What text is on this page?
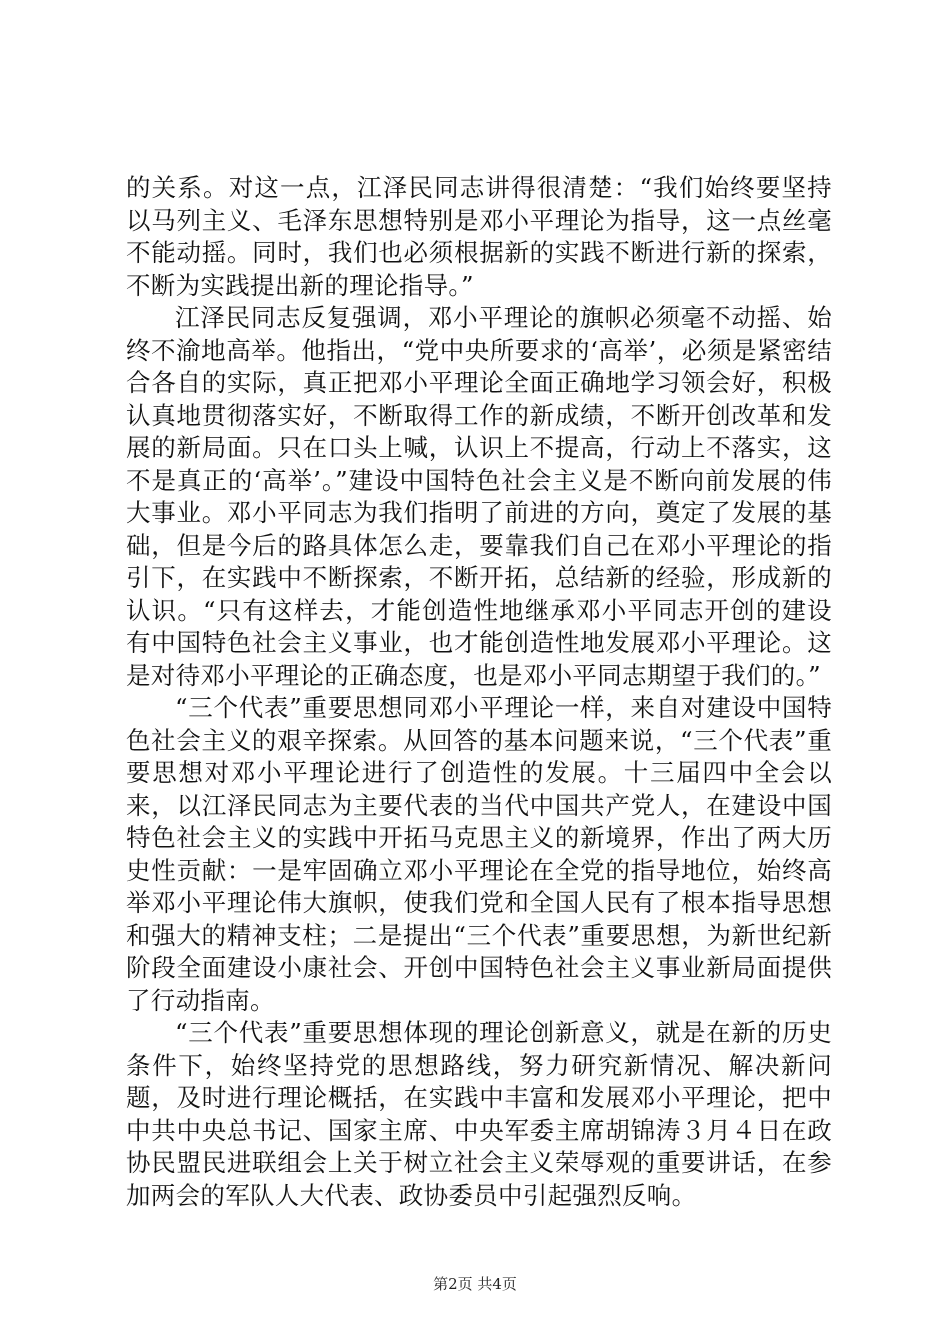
的关系。对这一点，江泽民同志讲得很清楚：“我们始终要坚持以马列主义、毛泽东思想特别是邓小平理论为指导，这一点丝毫不能动摇。同时，我们也必须根据新的实践不断进行新的探索，不断为实践提出新的理论指导。”

江泽民同志反复强调，邓小平理论的旗帜必须毫不动摇、始终不渝地高举。他指出，“党中央所要求的‘高举’，必须是紧密结合各自的实际，真正把邓小平理论全面正确地学习领会好，积极认真地贯彻落实好，不断取得工作的新成绩，不断开创改革和发展的新局面。只在口头上喊，认识上不提高，行动上不落实，这不是真正的‘高举’。”建设中国特色社会主义是不断向前发展的伟大事业。邓小平同志为我们指明了前进的方向，奠定了发展的基础，但是今后的路具体怎么走，要靠我们自己在邓小平理论的指引下，在实践中不断探索，不断开拓，总结新的经验，形成新的认识。“只有这样去，才能创造性地继承邓小平同志开创的建设有中国特色社会主义事业，也才能创造性地发展邓小平理论。这是对待邓小平理论的正确态度，也是邓小平同志期望于我们的。”

“三个代表”重要思想同邓小平理论一样，来自对建设中国特色社会主义的艰辛探索。从回答的基本问题来说，“三个代表”重要思想对邓小平理论进行了创造性的发展。十三届四中全会以来，以江泽民同志为主要代表的当代中国共产党人，在建设中国特色社会主义的实践中开拓马克思主义的新境界，作出了两大历史性贡献：一是牢固确立邓小平理论在全党的指导地位，始终高举邓小平理论伟大旗帜，使我们党和全国人民有了根本指导思想和强大的精神支柱；二是提出“三个代表”重要思想，为新世纪新阶段全面建设小康社会、开创中国特色社会主义事业新局面提供了行动指南。

“三个代表”重要思想体现的理论创新意义，就是在新的历史条件下，始终坚持党的思想路线，努力研究新情况、解决新问题，及时进行理论概括，在实践中丰富和发展邓小平理论，把中中共中央总书记、国家主席、中央军委主席胡锦涛３月４日在政协民盟民进联组会上关于树立社会主义荣辱观的重要讲话，在参加两会的军队人大代表、政协委员中引起强烈反响。

第2页 共4页
